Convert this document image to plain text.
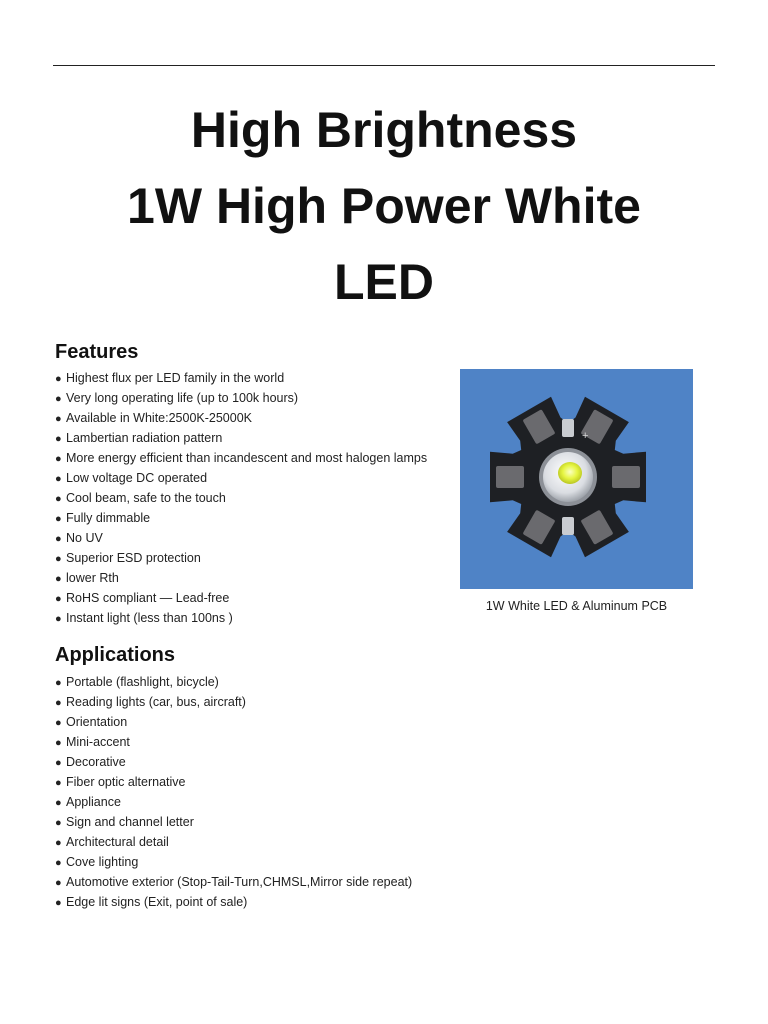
High Brightness
1W High Power White
LED
Features
● Highest flux per LED family in the world
● Very long operating life (up to 100k hours)
● Available in White:2500K-25000K
● Lambertian radiation pattern
● More energy efficient than incandescent and most halogen lamps
● Low voltage DC operated
● Cool beam, safe to the touch
● Fully dimmable
● No UV
● Superior ESD protection
● lower Rth
● RoHS compliant — Lead-free
● Instant light (less than 100ns )
+
1W White LED & Aluminum PCB
Applications
● Portable (flashlight, bicycle)
● Reading lights (car, bus, aircraft)
● Orientation
● Mini-accent
● Decorative
● Fiber optic alternative
● Appliance
● Sign and channel letter
● Architectural detail
● Cove lighting
● Automotive exterior (Stop-Tail-Turn,CHMSL,Mirror side repeat)
● Edge lit signs (Exit, point of sale)
